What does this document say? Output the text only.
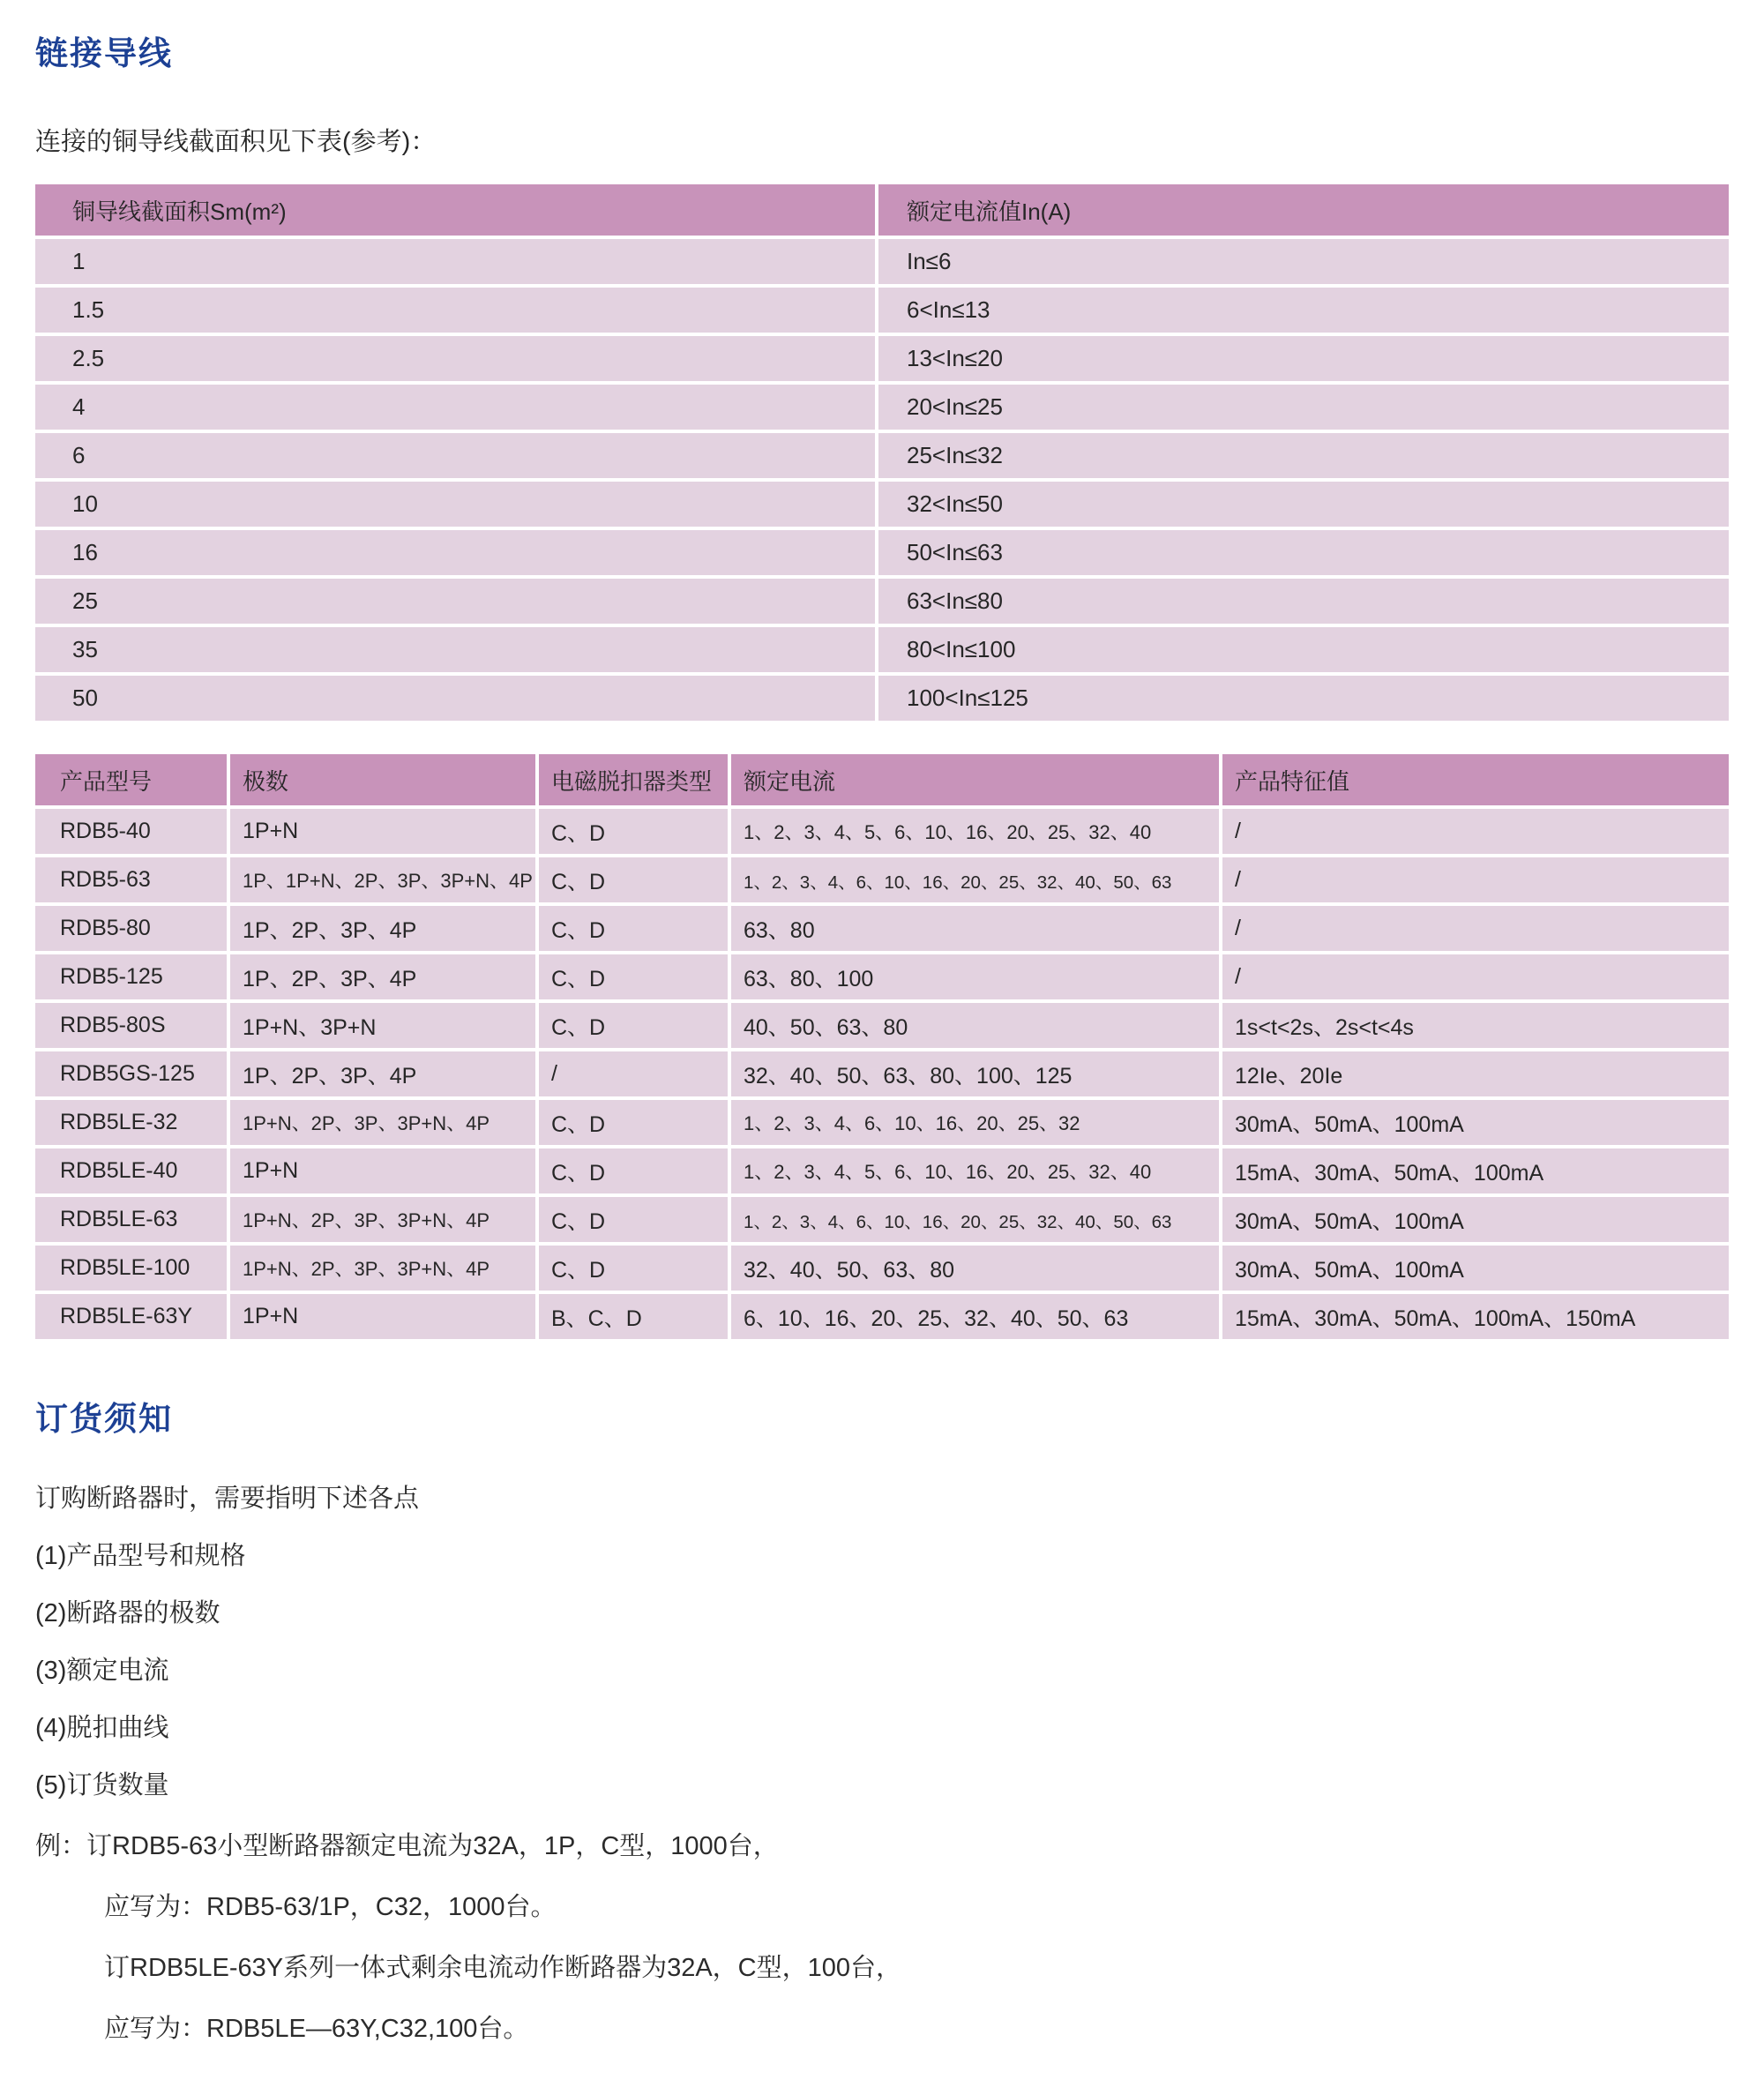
链接导线

连接的铜导线截面积见下表(参考)：

铜导线截面积Sm(m²)	额定电流值In(A)
1	In≤6
1.5	6<In≤13
2.5	13<In≤20
4	20<In≤25
6	25<In≤32
10	32<In≤50
16	50<In≤63
25	63<In≤80
35	80<In≤100
50	100<In≤125
产品型号	极数	电磁脱扣器类型	额定电流	产品特征值
RDB5-40	1P+N	C、D	1、2、3、4、5、6、10、16、20、25、32、40	/
RDB5-63	1P、1P+N、2P、3P、3P+N、4P	C、D	1、2、3、4、6、10、16、20、25、32、40、50、63	/
RDB5-80	1P、2P、3P、4P	C、D	63、80	/
RDB5-125	1P、2P、3P、4P	C、D	63、80、100	/
RDB5-80S	1P+N、3P+N	C、D	40、50、63、80	1s<t<2s、2s<t<4s
RDB5GS-125	1P、2P、3P、4P	/	32、40、50、63、80、100、125	12Ie、20Ie
RDB5LE-32	1P+N、2P、3P、3P+N、4P	C、D	1、2、3、4、6、10、16、20、25、32	30mA、50mA、100mA
RDB5LE-40	1P+N	C、D	1、2、3、4、5、6、10、16、20、25、32、40	15mA、30mA、50mA、100mA
RDB5LE-63	1P+N、2P、3P、3P+N、4P	C、D	1、2、3、4、6、10、16、20、25、32、40、50、63	30mA、50mA、100mA
RDB5LE-100	1P+N、2P、3P、3P+N、4P	C、D	32、40、50、63、80	30mA、50mA、100mA
RDB5LE-63Y	1P+N	B、C、D	6、10、16、20、25、32、40、50、63	15mA、30mA、50mA、100mA、150mA
订货须知

订购断路器时，需要指明下述各点

(1)产品型号和规格

(2)断路器的极数

(3)额定电流

(4)脱扣曲线

(5)订货数量

例：订RDB5-63小型断路器额定电流为32A，1P，C型，1000台，

应写为：RDB5-63/1P，C32，1000台。

订RDB5LE-63Y系列一体式剩余电流动作断路器为32A，C型，100台，

应写为：RDB5LE—63Y,C32,100台。
